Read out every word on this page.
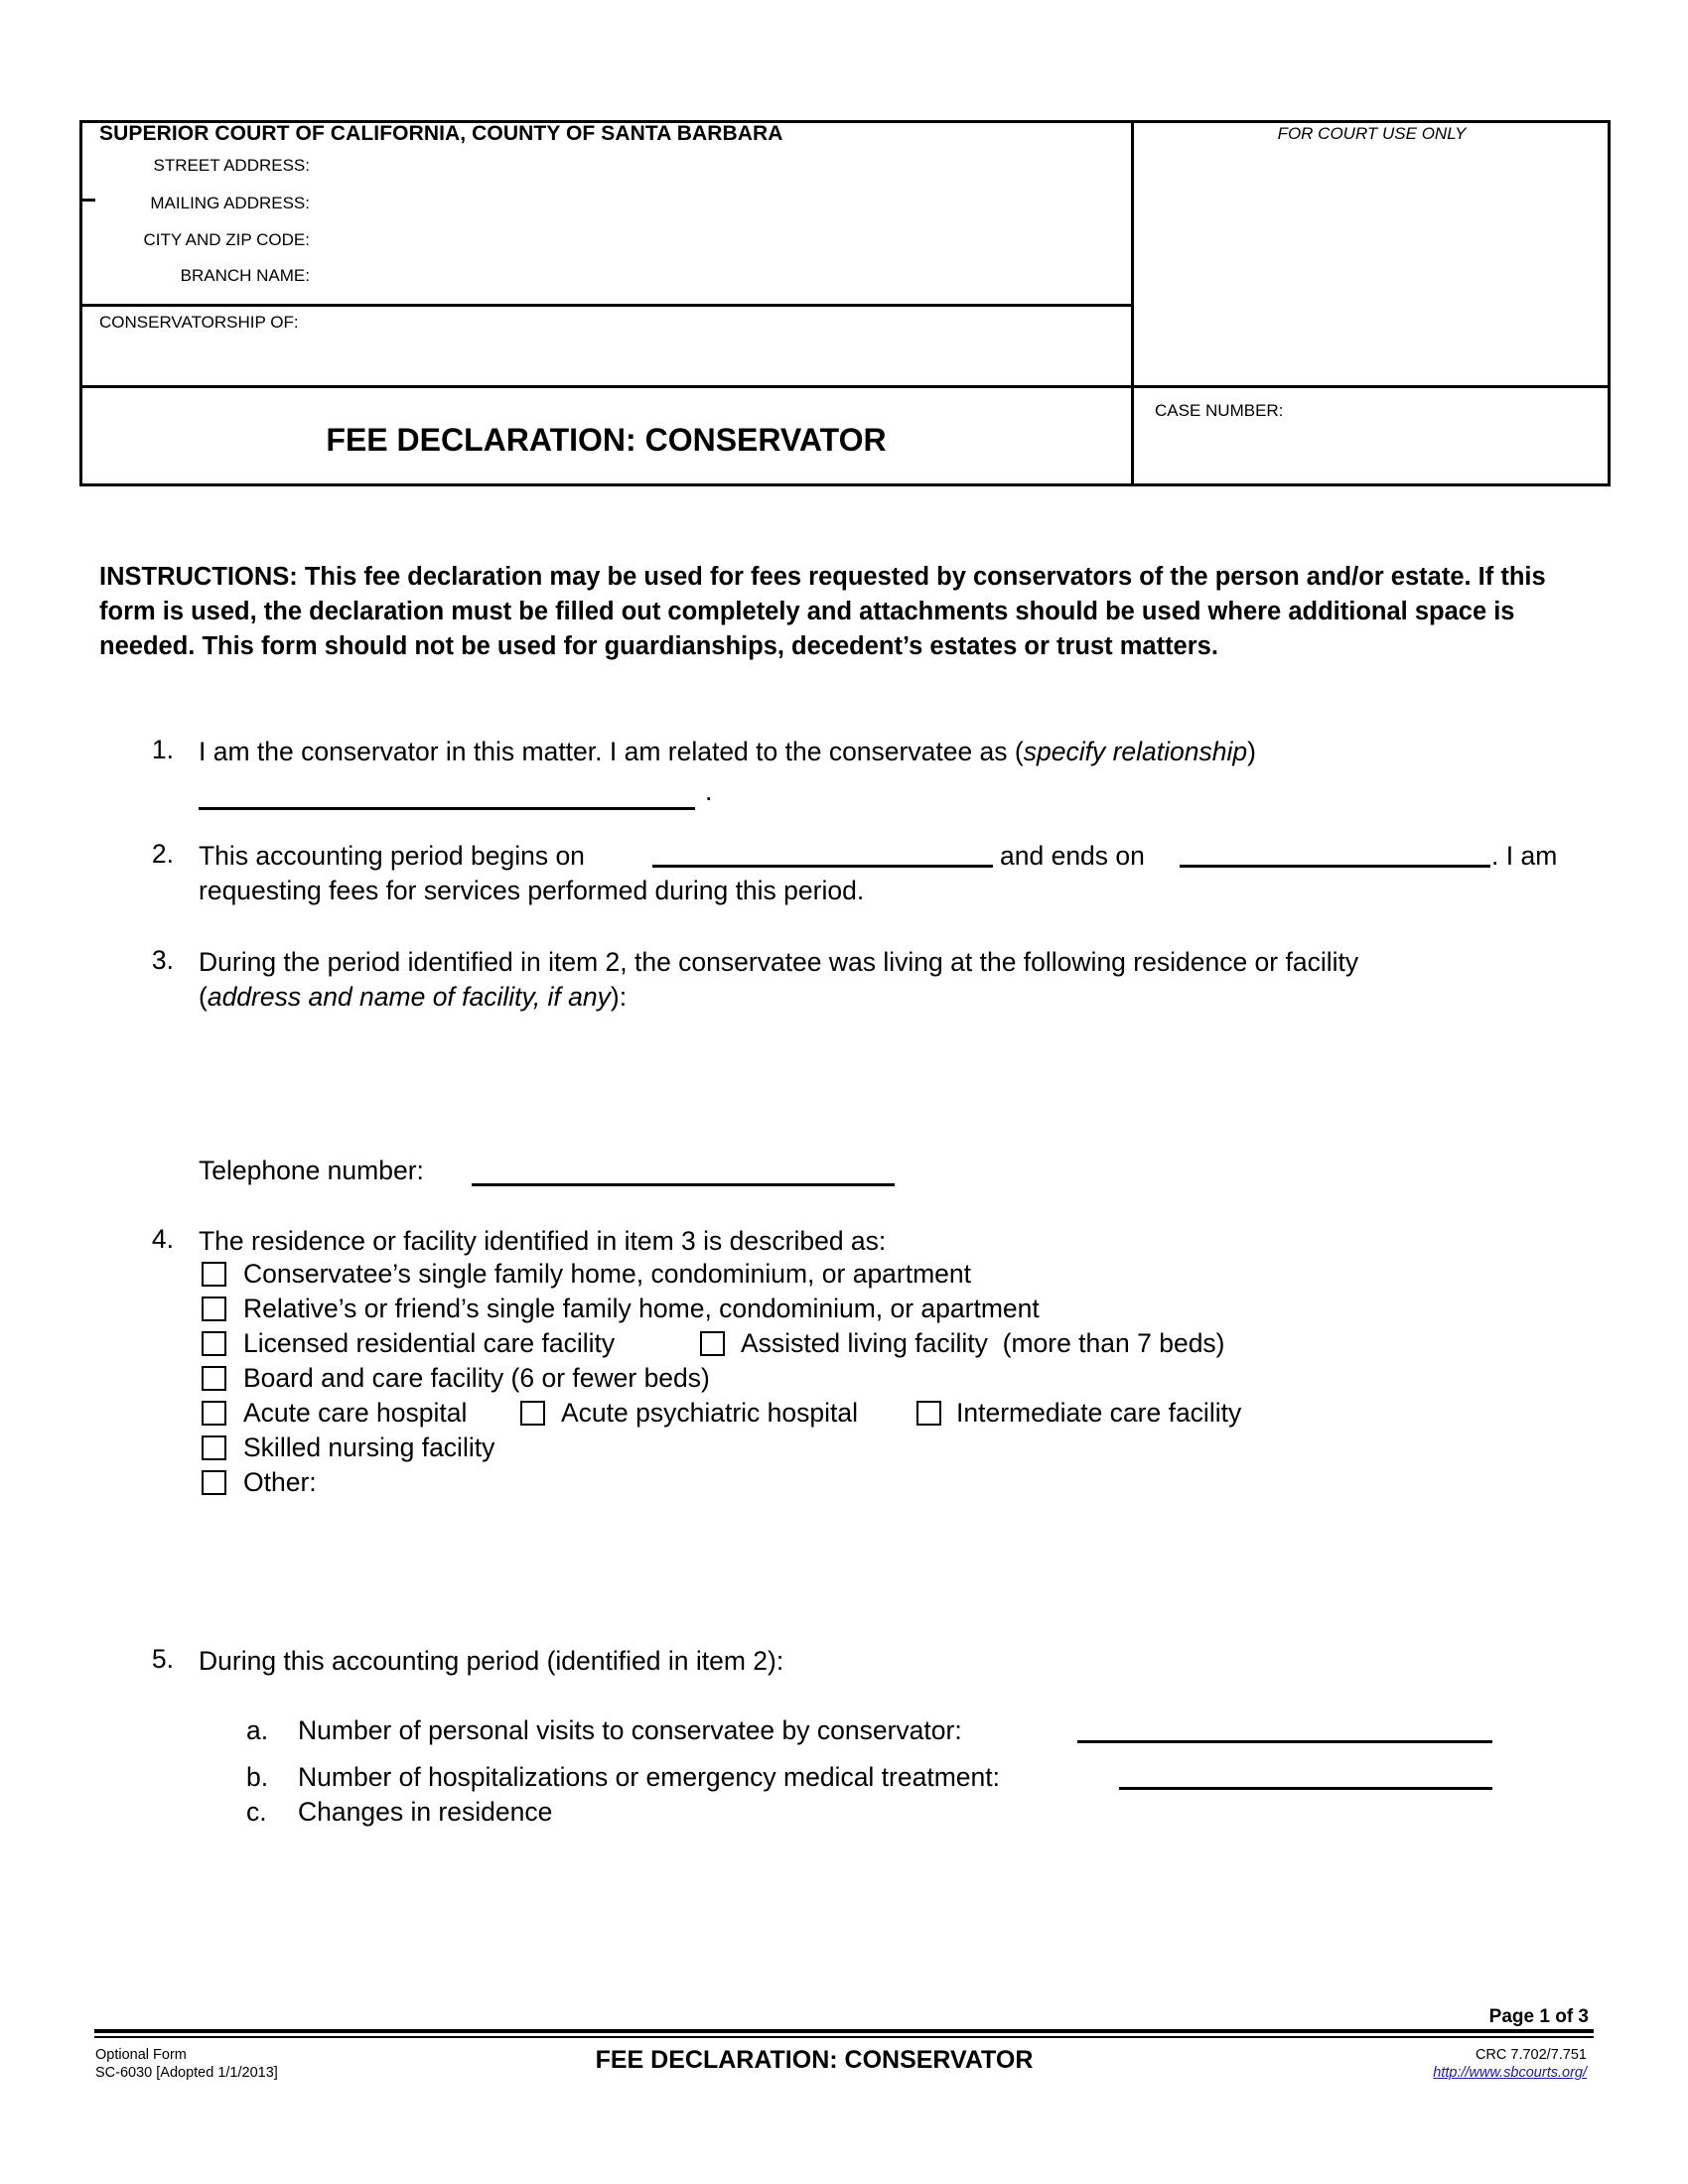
SUPERIOR COURT OF CALIFORNIA, COUNTY OF SANTA BARBARA
STREET ADDRESS:
MAILING ADDRESS:
CITY AND ZIP CODE:
BRANCH NAME:
CONSERVATORSHIP OF:
FOR COURT USE ONLY
CASE NUMBER:
FEE DECLARATION: CONSERVATOR
INSTRUCTIONS: This fee declaration may be used for fees requested by conservators of the person and/or estate. If this form is used, the declaration must be filled out completely and attachments should be used where additional space is needed. This form should not be used for guardianships, decedent’s estates or trust matters.
1. I am the conservator in this matter. I am related to the conservatee as (specify relationship)
.
2. This accounting period begins on	and ends on	. I am
requesting fees for services performed during this period.
3. During the period identified in item 2, the conservatee was living at the following residence or facility
(address and name of facility, if any):
Telephone number:
4. The residence or facility identified in item 3 is described as:
Conservatee’s single family home, condominium, or apartment
Relative’s or friend’s single family home, condominium, or apartment
Licensed residential care facility	Assisted living facility  (more than 7 beds)
Board and care facility (6 or fewer beds)
Acute care hospital	Acute psychiatric hospital	Intermediate care facility
Skilled nursing facility
Other:
5. During this accounting period (identified in item 2):
a. Number of personal visits to conservatee by conservator:
b. Number of hospitalizations or emergency medical treatment:
c. Changes in residence
Page 1 of 3
Optional Form
SC-6030 [Adopted 1/1/2013]	FEE DECLARATION: CONSERVATOR	CRC 7.702/7.751
http://www.sbcourts.org/
